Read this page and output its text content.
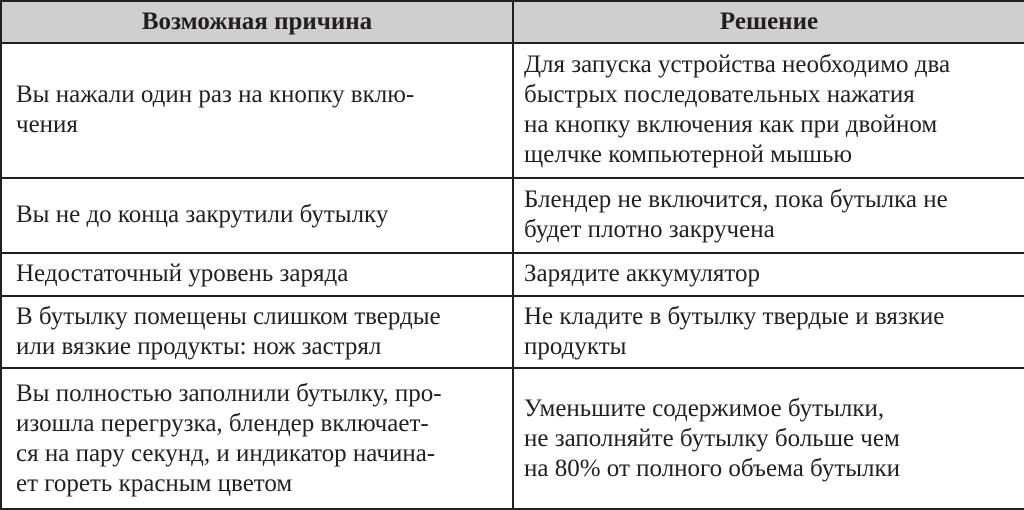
Возможная причина	Решение

Вы нажали один раз на кнопку вклю-
чения	Для запуска устройства необходимо два
быстрых последовательных нажатия
на кнопку включения как при двойном
щелчке компьютерной мышью

Вы не до конца закрутили бутылку	Блендер не включится, пока бутылка не
будет плотно закручена

Недостаточный уровень заряда	Зарядите аккумулятор

В бутылку помещены слишком твердые
или вязкие продукты: нож застрял	Не кладите в бутылку твердые и вязкие
продукты

Вы полностью заполнили бутылку, про-
изошла перегрузка, блендер включает-
ся на пару секунд, и индикатор начина-
ет гореть красным цветом	Уменьшите содержимое бутылки,
не заполняйте бутылку больше чем
на 80% от полного объема бутылки
